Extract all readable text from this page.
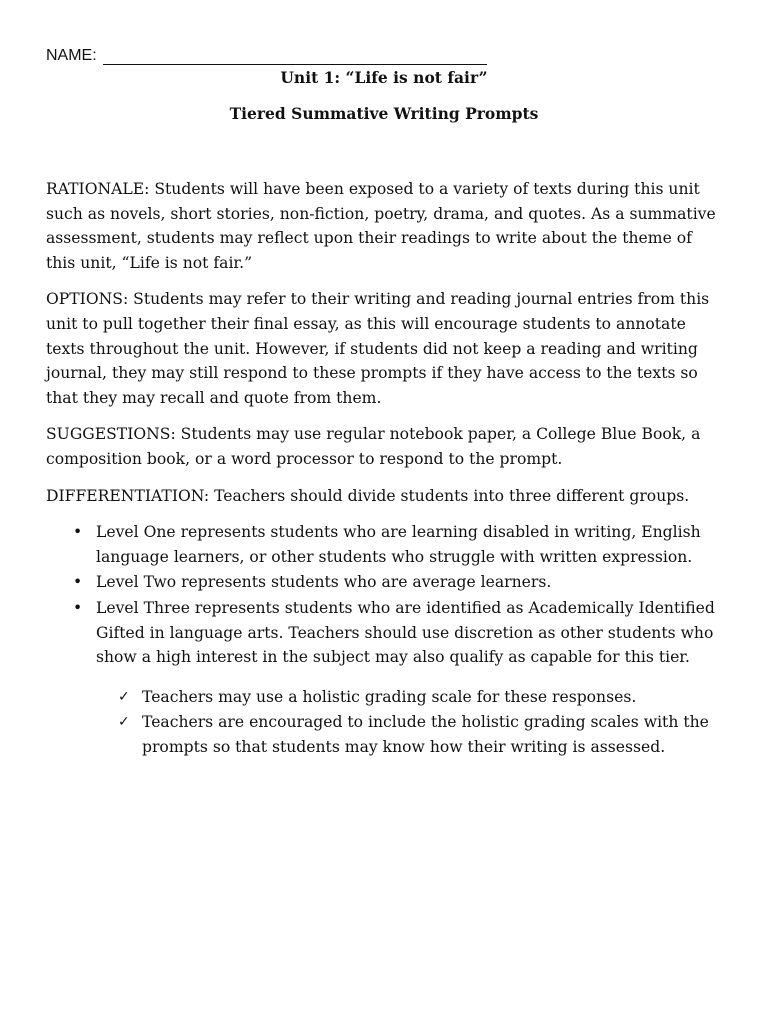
NAME:
Unit 1: “Life is not fair”
Tiered Summative Writing Prompts

RATIONALE: Students will have been exposed to a variety of texts during this unit such as novels, short stories, non-fiction, poetry, drama, and quotes. As a summative assessment, students may reflect upon their readings to write about the theme of this unit, “Life is not fair.”

OPTIONS: Students may refer to their writing and reading journal entries from this unit to pull together their final essay, as this will encourage students to annotate texts throughout the unit. However, if students did not keep a reading and writing journal, they may still respond to these prompts if they have access to the texts so that they may recall and quote from them.

SUGGESTIONS: Students may use regular notebook paper, a College Blue Book, a composition book, or a word processor to respond to the prompt.

DIFFERENTIATION: Teachers should divide students into three different groups.

• Level One represents students who are learning disabled in writing, English language learners, or other students who struggle with written expression.
• Level Two represents students who are average learners.
• Level Three represents students who are identified as Academically Identified Gifted in language arts. Teachers should use discretion as other students who show a high interest in the subject may also qualify as capable for this tier.
✓ Teachers may use a holistic grading scale for these responses.
✓ Teachers are encouraged to include the holistic grading scales with the prompts so that students may know how their writing is assessed.
